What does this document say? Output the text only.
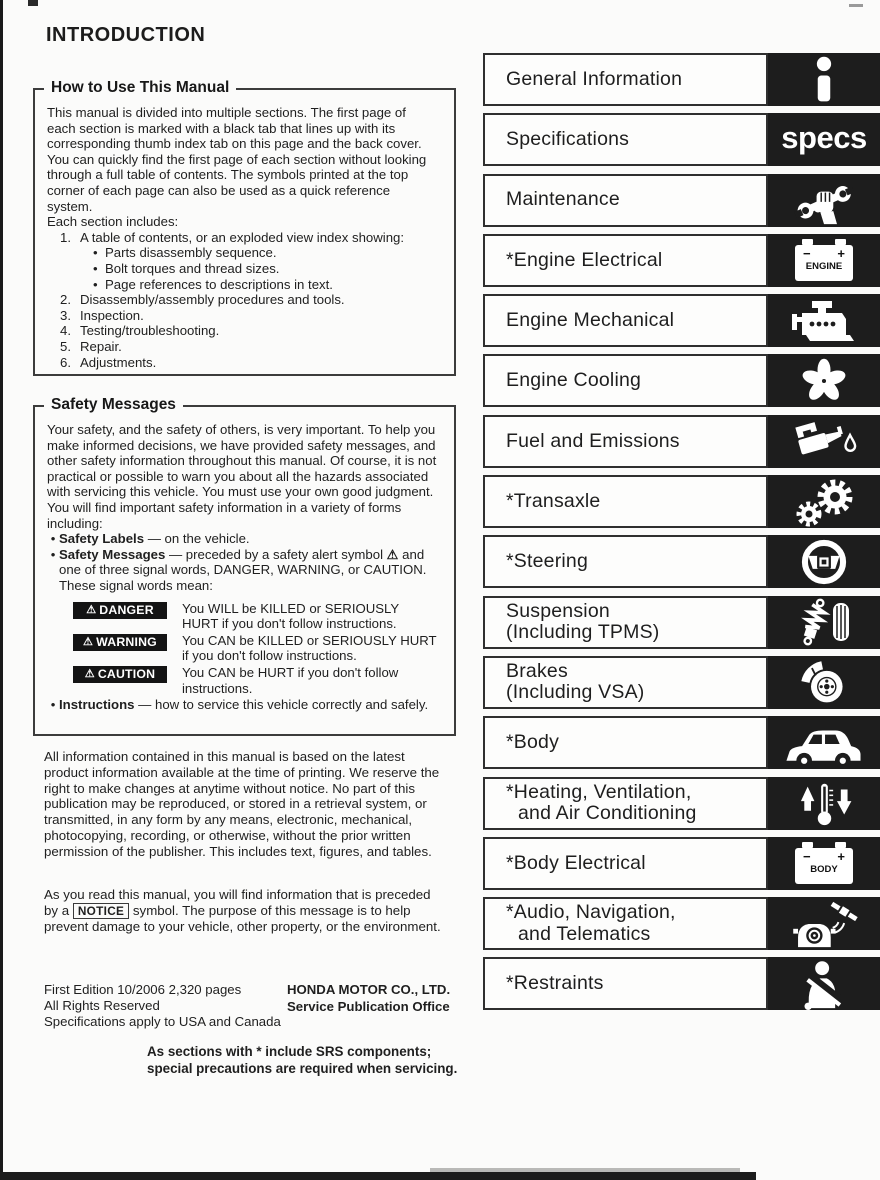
INTRODUCTION
How to Use This Manual

This manual is divided into multiple sections. The first page of each section is marked with a black tab that lines up with its corresponding thumb index tab on this page and the back cover. You can quickly find the first page of each section without looking through a full table of contents. The symbols printed at the top corner of each page can also be used as a quick reference system.

Each section includes:
1. A table of contents, or an exploded view index showing:
• Parts disassembly sequence.
• Bolt torques and thread sizes.
• Page references to descriptions in text.
2. Disassembly/assembly procedures and tools.
3. Inspection.
4. Testing/troubleshooting.
5. Repair.
6. Adjustments.
Safety Messages

Your safety, and the safety of others, is very important. To help you make informed decisions, we have provided safety messages, and other safety information throughout this manual. Of course, it is not practical or possible to warn you about all the hazards associated with servicing this vehicle. You must use your own good judgment.

You will find important safety information in a variety of forms including:
• Safety Labels — on the vehicle.
• Safety Messages — preceded by a safety alert symbol ⚠ and one of three signal words, DANGER, WARNING, or CAUTION. These signal words mean:
⚠ DANGER You WILL be KILLED or SERIOUSLY HURT if you don't follow instructions.
⚠ WARNING You CAN be KILLED or SERIOUSLY HURT if you don't follow instructions.
⚠ CAUTION You CAN be HURT if you don't follow instructions.
• Instructions — how to service this vehicle correctly and safely.
All information contained in this manual is based on the latest product information available at the time of printing. We reserve the right to make changes at anytime without notice. No part of this publication may be reproduced, or stored in a retrieval system, or transmitted, in any form by any means, electronic, mechanical, photocopying, recording, or otherwise, without the prior written permission of the publisher. This includes text, figures, and tables.
As you read this manual, you will find information that is preceded by a NOTICE symbol. The purpose of this message is to help prevent damage to your vehicle, other property, or the environment.
First Edition 10/2006 2,320 pages
All Rights Reserved
Specifications apply to USA and Canada
HONDA MOTOR CO., LTD.
Service Publication Office
As sections with * include SRS components;
special precautions are required when servicing.
General Information
Specifications	specs
Maintenance
*Engine Electrical	− +
ENGINE
Engine Mechanical
Engine Cooling
Fuel and Emissions
*Transaxle
*Steering
Suspension
(Including TPMS)
Brakes
(Including VSA)
*Body
*Heating, Ventilation,
and Air Conditioning
*Body Electrical	− +
BODY
*Audio, Navigation,
and Telematics
*Restraints
